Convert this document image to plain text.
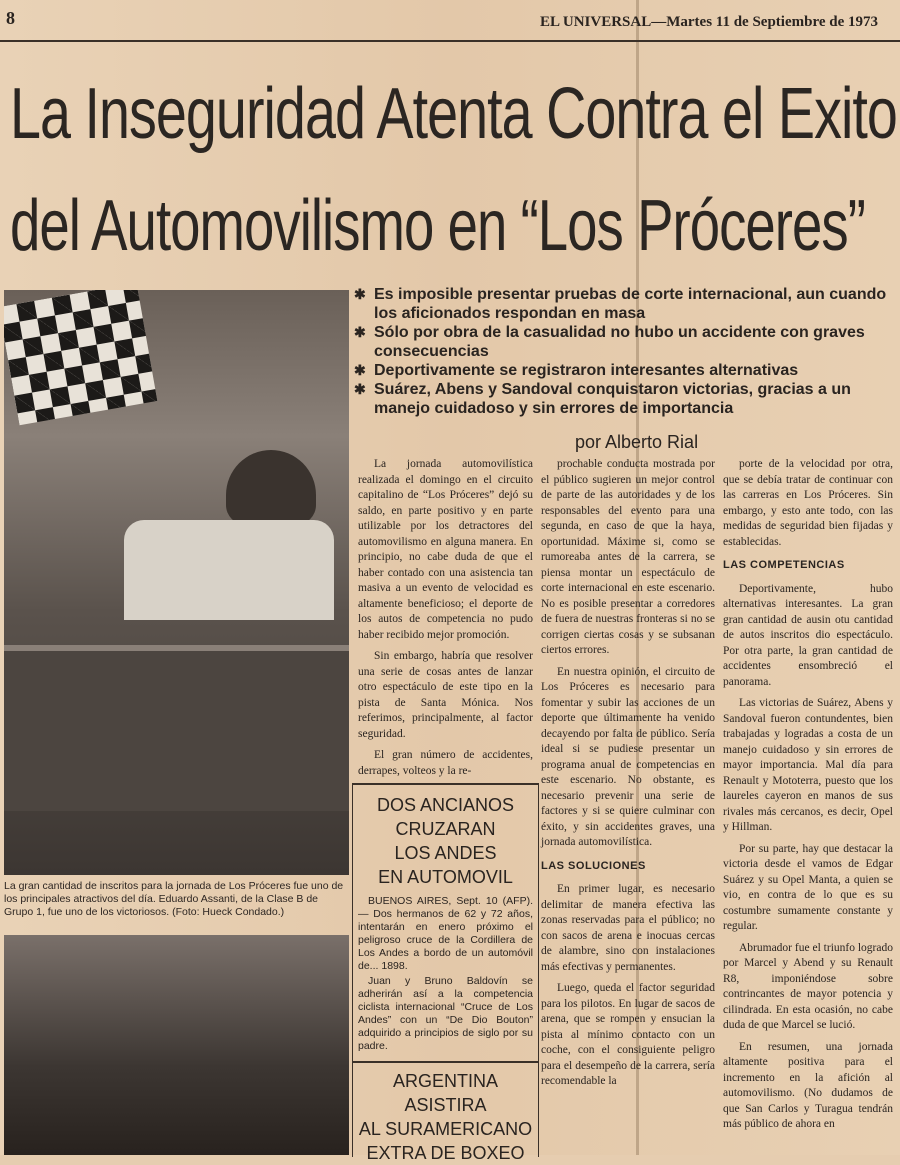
8	EL UNIVERSAL—Martes 11 de Septiembre de 1973
La Inseguridad Atenta Contra el Exito
del Automovilismo en “Los Próceres”
La gran cantidad de inscritos para la jornada de Los Próceres fue uno de los principales atractivos del día. Eduardo Assanti, de la Clase B de Grupo 1, fue uno de los victoriosos. (Foto: Hueck Condado.)
✱ Es imposible presentar pruebas de corte internacional, aun cuando los aficionados respondan en masa
✱ Sólo por obra de la casualidad no hubo un accidente con graves consecuencias
✱ Deportivamente se registraron interesantes alternativas
✱ Suárez, Abens y Sandoval conquistaron victorias, gracias a un manejo cuidadoso y sin errores de importancia
por Alberto Rial

La jornada automovilística realizada el domingo en el circuito capitalino de “Los Próceres” dejó su saldo, en parte positivo y en parte utilizable por los detractores del automovilismo en alguna manera. En principio, no cabe duda de que el haber contado con una asistencia tan masiva a un evento de velocidad es altamente beneficioso; el deporte de los autos de competencia no pudo haber recibido mejor promoción.

Sin embargo, habría que resolver una serie de cosas antes de lanzar otro espectáculo de este tipo en la pista de Santa Mónica. Nos referimos, principalmente, al factor seguridad.

El gran número de accidentes, derrapes, volteos y la re-

DOS ANCIANOS
CRUZARAN
LOS ANDES
EN AUTOMOVIL

BUENOS AIRES, Sept. 10 (AFP).— Dos hermanos de 62 y 72 años, intentarán en enero próximo el peligroso cruce de la Cordillera de Los Andes a bordo de un automóvil de... 1898.

Juan y Bruno Baldovín se adherirán así a la competencia ciclista internacional “Cruce de Los Andes” con un “De Dio Bouton” adquirido a principios de siglo por su padre.

ARGENTINA
ASISTIRA
AL SURAMERICANO
EXTRA DE BOXEO

prochable conducta mostrada por el público sugieren un mejor control de parte de las autoridades y de los responsables del evento para una segunda, en caso de que la haya, oportunidad. Máxime si, como se rumoreaba antes de la carrera, se piensa montar un espectáculo de corte internacional en este escenario. No es posible presentar a corredores de fuera de nuestras fronteras si no se corrigen ciertas cosas y se subsanan ciertos errores.

En nuestra opinión, el circuito de Los Próceres es necesario para fomentar y subir las acciones de un deporte que últimamente ha venido decayendo por falta de público. Sería ideal si se pudiese presentar un programa anual de competencias en este escenario. No obstante, es necesario prevenir una serie de factores y si se quiere culminar con éxito, y sin accidentes graves, una jornada automovilística.

LAS SOLUCIONES

En primer lugar, es necesario delimitar de manera efectiva las zonas reservadas para el público; no con sacos de arena e inocuas cercas de alambre, sino con instalaciones más efectivas y permanentes.

Luego, queda el factor seguridad para los pilotos. En lugar de sacos de arena, que se rompen y ensucian la pista al mínimo contacto con un coche, con el consiguiente peligro para el desempeño de la carrera, sería recomendable la

porte de la velocidad por otra, que se debía tratar de continuar con las carreras en Los Próceres. Sin embargo, y esto ante todo, con las medidas de seguridad bien fijadas y establecidas.

LAS COMPETENCIAS

Deportivamente, hubo alternativas interesantes. La gran gran cantidad de ausin otu cantidad de autos inscritos dio espectáculo. Por otra parte, la gran cantidad de accidentes ensombreció el panorama.

Las victorias de Suárez, Abens y Sandoval fueron contundentes, bien trabajadas y logradas a costa de un manejo cuidadoso y sin errores de mayor importancia. Mal día para Renault y Mototerra, puesto que los laureles cayeron en manos de sus rivales más cercanos, es decir, Opel y Hillman.

Por su parte, hay que destacar la victoria desde el vamos de Edgar Suárez y su Opel Manta, a quien se vio, en contra de lo que es su costumbre sumamente constante y regular.

Abrumador fue el triunfo logrado por Marcel y Abend y su Renault R8, imponiéndose sobre contrincantes de mayor potencia y cilindrada. En esta ocasión, no cabe duda de que Marcel se lució.

En resumen, una jornada altamente positiva para el incremento en la afición al automovilismo. (No dudamos de que San Carlos y Turagua tendrán más público de ahora en
